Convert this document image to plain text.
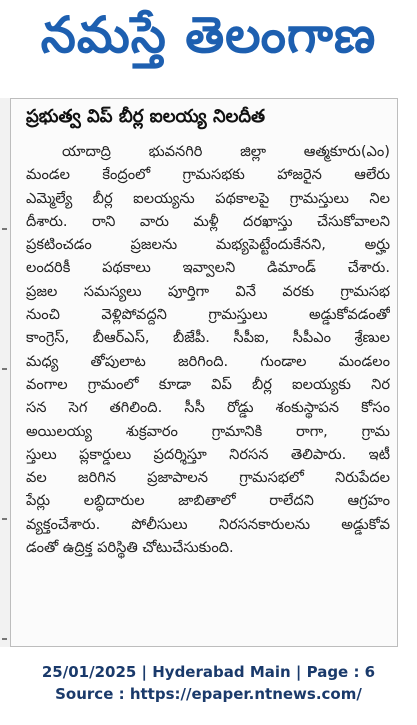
నమస్తే తెలంగాణ
ప్రభుత్వ విప్ బీర్ల ఐలయ్య నిలదీత
యాదాద్రి భువనగిరి జిల్లా ఆత్మకూరు(ఎం)
మండల కేంద్రంలో గ్రామసభకు హాజరైన ఆలేరు
ఎమ్మెల్యే బీర్ల ఐలయ్యను పథకాలపై గ్రామస్తులు నిల
దీశారు. రాని వారు మళ్లీ దరఖాస్తు చేసుకోవాలని
ప్రకటించడం ప్రజలను మభ్యపెట్టేందుకేనని, అర్హు
లందరికీ పథకాలు ఇవ్వాలని డిమాండ్ చేశారు.
ప్రజల సమస్యలు పూర్తిగా వినే వరకు గ్రామసభ
నుంచి వెళ్లిపోవద్దని గ్రామస్తులు అడ్డుకోవడంతో
కాంగ్రెస్, బీఆర్ఎస్, బీజేపీ. సీపీఐ, సీపీఎం శ్రేణుల
మధ్య తోపులాట జరిగింది. గుండాల మండలం
వంగాల గ్రామంలో కూడా విప్ బీర్ల ఐలయ్యకు నిర
సన సెగ తగిలింది. సీసీ రోడ్డు శంకుస్థాపన కోసం
అయిలయ్య శుక్రవారం గ్రామానికి రాగా, గ్రామ
స్తులు ప్లకార్డులు ప్రదర్శిస్తూ నిరసన తెలిపారు. ఇటీ
వల జరిగిన ప్రజాపాలన గ్రామసభలో నిరుపేదల
పేర్లు లబ్ధిదారుల జాబితాలో రాలేదని ఆగ్రహం
వ్యక్తంచేశారు. పోలీసులు నిరసనకారులను అడ్డుకోవ
డంతో ఉద్రిక్త పరిస్థితి చోటుచేసుకుంది.
25/01/2025 | Hyderabad Main | Page : 6
Source : https://epaper.ntnews.com/
